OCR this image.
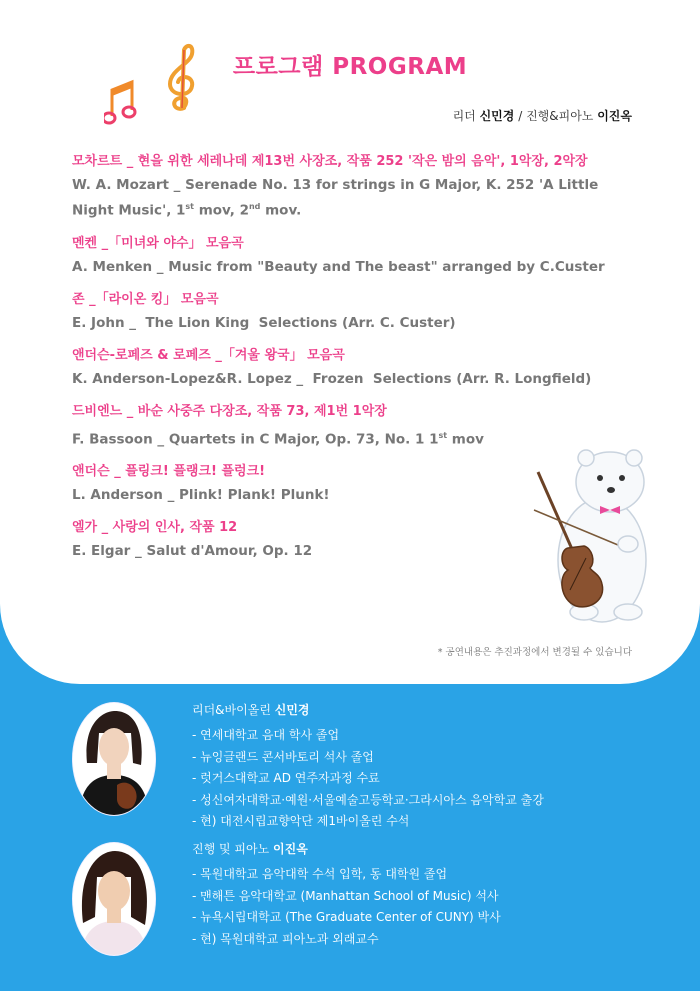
프로그램 PROGRAM
리더 신민경 / 진행&피아노 이진옥
모차르트 _ 현을 위한 세레나데 제13번 사장조, 작품 252 '작은 밤의 음악', 1악장, 2악장
W. A. Mozart _ Serenade No. 13 for strings in G Major, K. 252 'A Little Night Music', 1st mov, 2nd mov.
멘켄 _「미녀와 야수」 모음곡
A. Menken _ Music from "Beauty and The beast" arranged by C.Custer
존 _「라이온 킹」 모음곡
E. John _  The Lion King  Selections (Arr. C. Custer)
앤더슨-로페즈 & 로페즈 _「겨울 왕국」 모음곡
K. Anderson-Lopez&R. Lopez _  Frozen  Selections (Arr. R. Longfield)
드비엔느 _ 바순 사중주 다장조, 작품 73, 제1번 1악장
F. Bassoon _ Quartets in C Major, Op. 73, No. 1 1st mov
앤더슨 _ 플링크! 플랭크! 플렁크!
L. Anderson _ Plink! Plank! Plunk!
엘가 _ 사랑의 인사, 작품 12
E. Elgar _ Salut d'Amour, Op. 12
* 공연내용은 추진과정에서 변경될 수 있습니다
리더&바이올린 신민경
- 연세대학교 음대 학사 졸업
- 뉴잉글랜드 콘서바토리 석사 졸업
- 럿거스대학교 AD 연주자과정 수료
- 성신여자대학교·예원·서울예술고등학교·그라시아스 음악학교 출강
- 현) 대전시립교향악단 제1바이올린 수석
진행 및 피아노 이진옥
- 목원대학교 음악대학 수석 입학, 동 대학원 졸업
- 맨해튼 음악대학교 (Manhattan School of Music) 석사
- 뉴욕시립대학교 (The Graduate Center of CUNY) 박사
- 현) 목원대학교 피아노과 외래교수
